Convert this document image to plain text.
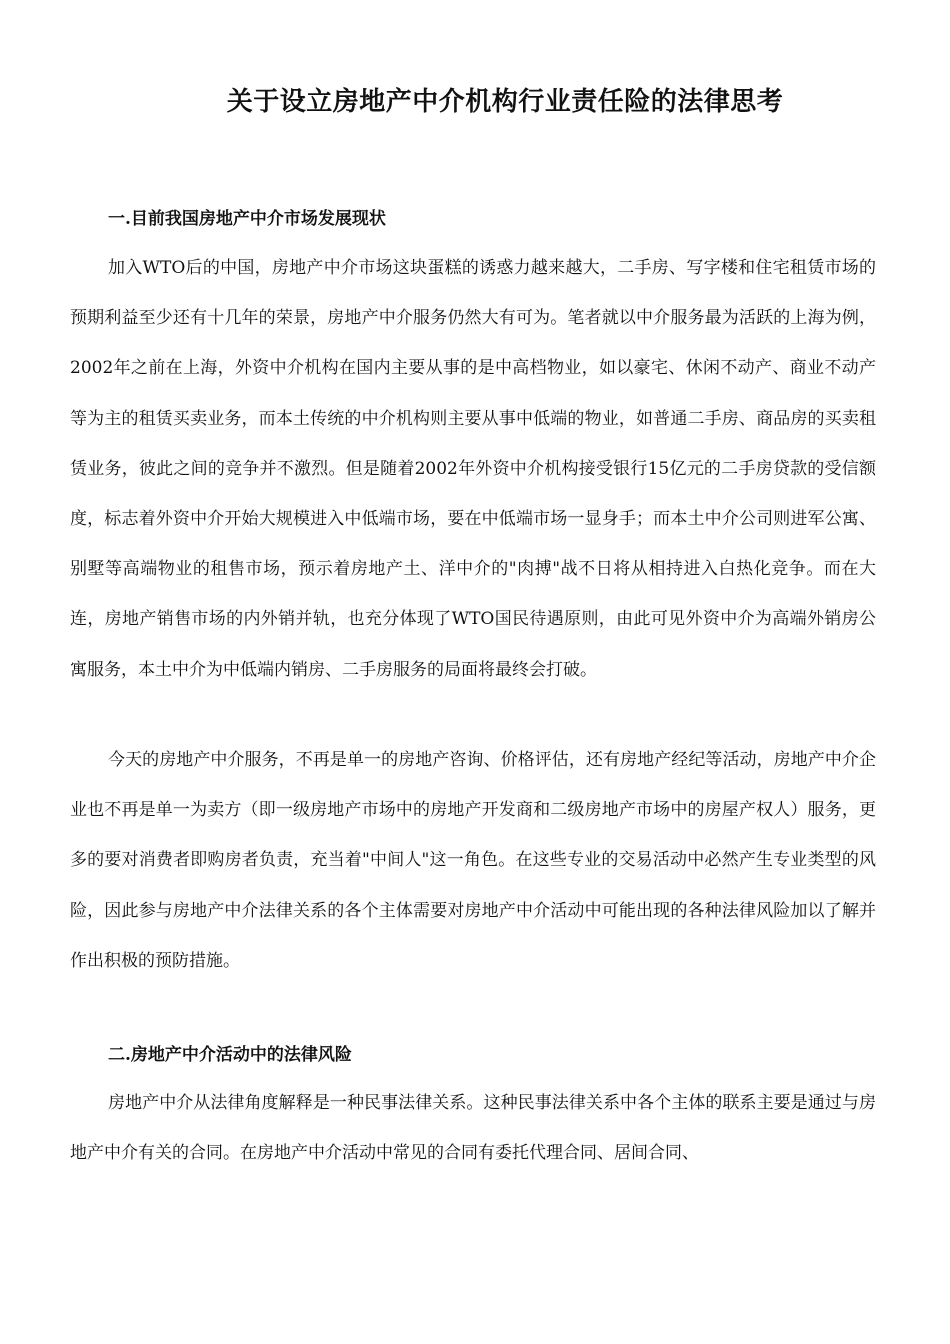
关于设立房地产中介机构行业责任险的法律思考
一.目前我国房地产中介市场发展现状

加入WTO后的中国，房地产中介市场这块蛋糕的诱惑力越来越大，二手房、写字楼和住宅租赁市场的预期利益至少还有十几年的荣景，房地产中介服务仍然大有可为。笔者就以中介服务最为活跃的上海为例，2002年之前在上海，外资中介机构在国内主要从事的是中高档物业，如以豪宅、休闲不动产、商业不动产等为主的租赁买卖业务，而本土传统的中介机构则主要从事中低端的物业，如普通二手房、商品房的买卖租赁业务，彼此之间的竞争并不激烈。但是随着2002年外资中介机构接受银行15亿元的二手房贷款的受信额度，标志着外资中介开始大规模进入中低端市场，要在中低端市场一显身手；而本土中介公司则进军公寓、别墅等高端物业的租售市场，预示着房地产土、洋中介的"肉搏"战不日将从相持进入白热化竞争。而在大连，房地产销售市场的内外销并轨，也充分体现了WTO国民待遇原则，由此可见外资中介为高端外销房公寓服务，本土中介为中低端内销房、二手房服务的局面将最终会打破。

今天的房地产中介服务，不再是单一的房地产咨询、价格评估，还有房地产经纪等活动，房地产中介企业也不再是单一为卖方（即一级房地产市场中的房地产开发商和二级房地产市场中的房屋产权人）服务，更多的要对消费者即购房者负责，充当着"中间人"这一角色。在这些专业的交易活动中必然产生专业类型的风险，因此参与房地产中介法律关系的各个主体需要对房地产中介活动中可能出现的各种法律风险加以了解并作出积极的预防措施。

二.房地产中介活动中的法律风险

房地产中介从法律角度解释是一种民事法律关系。这种民事法律关系中各个主体的联系主要是通过与房地产中介有关的合同。在房地产中介活动中常见的合同有委托代理合同、居间合同、
